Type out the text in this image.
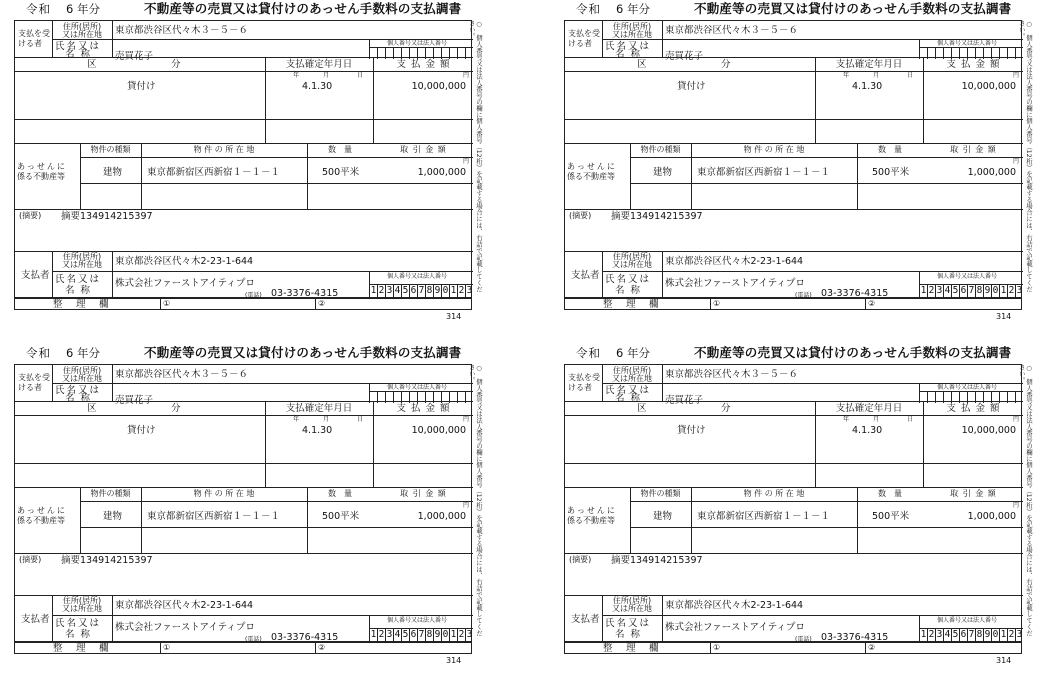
令和 6 年分	不動産等の売買又は貸付けのあっせん手数料の支払調書
支払を受ける者
住所(居所)
又は所在地	東京都渋谷区代々木３－５－６
氏名又は
名称 売買花子
個人番号又は法人番号
区　　　　　　　分	支払確定年月日	支 払 金 額
年	月	日	円
貸付け	4.1.30	10,000,000
あっせんに
係る不動産等
物件の種類	物 件 の 所 在 地	数　量	取 引 金 額
円
建物	東京都新宿区西新宿１－１－１	500平米	1,000,000
(摘要) 摘要134914215397
支払者
住所(居所)
又は所在地	東京都渋谷区代々木2-23-1-644
氏名又は
名称
株式会社ファーストアイティプロ
(電話) 03-3376-4315
個人番号又は法人番号
1 2 3 4 5 6 7 8 9 0 1 2 3 ○　個人番号又は法人番号の欄に個人番号（12桁）を記載する場合には、右詰で記載してください。
整　理　欄	①	②
314
令和 6 年分	不動産等の売買又は貸付けのあっせん手数料の支払調書
支払を受ける者
住所(居所)
又は所在地	東京都渋谷区代々木３－５－６
氏名又は
名称 売買花子
個人番号又は法人番号
区　　　　　　　分	支払確定年月日	支 払 金 額
年	月	日	円
貸付け	4.1.30	10,000,000
あっせんに
係る不動産等
物件の種類	物 件 の 所 在 地	数　量	取 引 金 額
円
建物	東京都新宿区西新宿１－１－１	500平米	1,000,000
(摘要) 摘要134914215397
支払者
住所(居所)
又は所在地	東京都渋谷区代々木2-23-1-644
氏名又は
名称
株式会社ファーストアイティプロ
(電話) 03-3376-4315
個人番号又は法人番号
1 2 3 4 5 6 7 8 9 0 1 2 3 ○　個人番号又は法人番号の欄に個人番号（12桁）を記載する場合には、右詰で記載してください。
整　理　欄	①	②
314
令和 6 年分	不動産等の売買又は貸付けのあっせん手数料の支払調書
支払を受ける者
住所(居所)
又は所在地	東京都渋谷区代々木３－５－６
氏名又は
名称 売買花子
個人番号又は法人番号
区　　　　　　　分	支払確定年月日	支 払 金 額
年	月	日	円
貸付け	4.1.30	10,000,000
あっせんに
係る不動産等
物件の種類	物 件 の 所 在 地	数　量	取 引 金 額
円
建物	東京都新宿区西新宿１－１－１	500平米	1,000,000
(摘要) 摘要134914215397
支払者
住所(居所)
又は所在地	東京都渋谷区代々木2-23-1-644
氏名又は
名称
株式会社ファーストアイティプロ
(電話) 03-3376-4315
個人番号又は法人番号
1 2 3 4 5 6 7 8 9 0 1 2 3 ○　個人番号又は法人番号の欄に個人番号（12桁）を記載する場合には、右詰で記載してください。
整　理　欄	①	②
314
令和 6 年分	不動産等の売買又は貸付けのあっせん手数料の支払調書
支払を受ける者
住所(居所)
又は所在地	東京都渋谷区代々木３－５－６
氏名又は
名称 売買花子
個人番号又は法人番号
区　　　　　　　分	支払確定年月日	支 払 金 額
年	月	日	円
貸付け	4.1.30	10,000,000
あっせんに
係る不動産等
物件の種類	物 件 の 所 在 地	数　量	取 引 金 額
円
建物	東京都新宿区西新宿１－１－１	500平米	1,000,000
(摘要) 摘要134914215397
支払者
住所(居所)
又は所在地	東京都渋谷区代々木2-23-1-644
氏名又は
名称
株式会社ファーストアイティプロ
(電話) 03-3376-4315
個人番号又は法人番号
1 2 3 4 5 6 7 8 9 0 1 2 3 ○　個人番号又は法人番号の欄に個人番号（12桁）を記載する場合には、右詰で記載してください。
整　理　欄	①	②
314
